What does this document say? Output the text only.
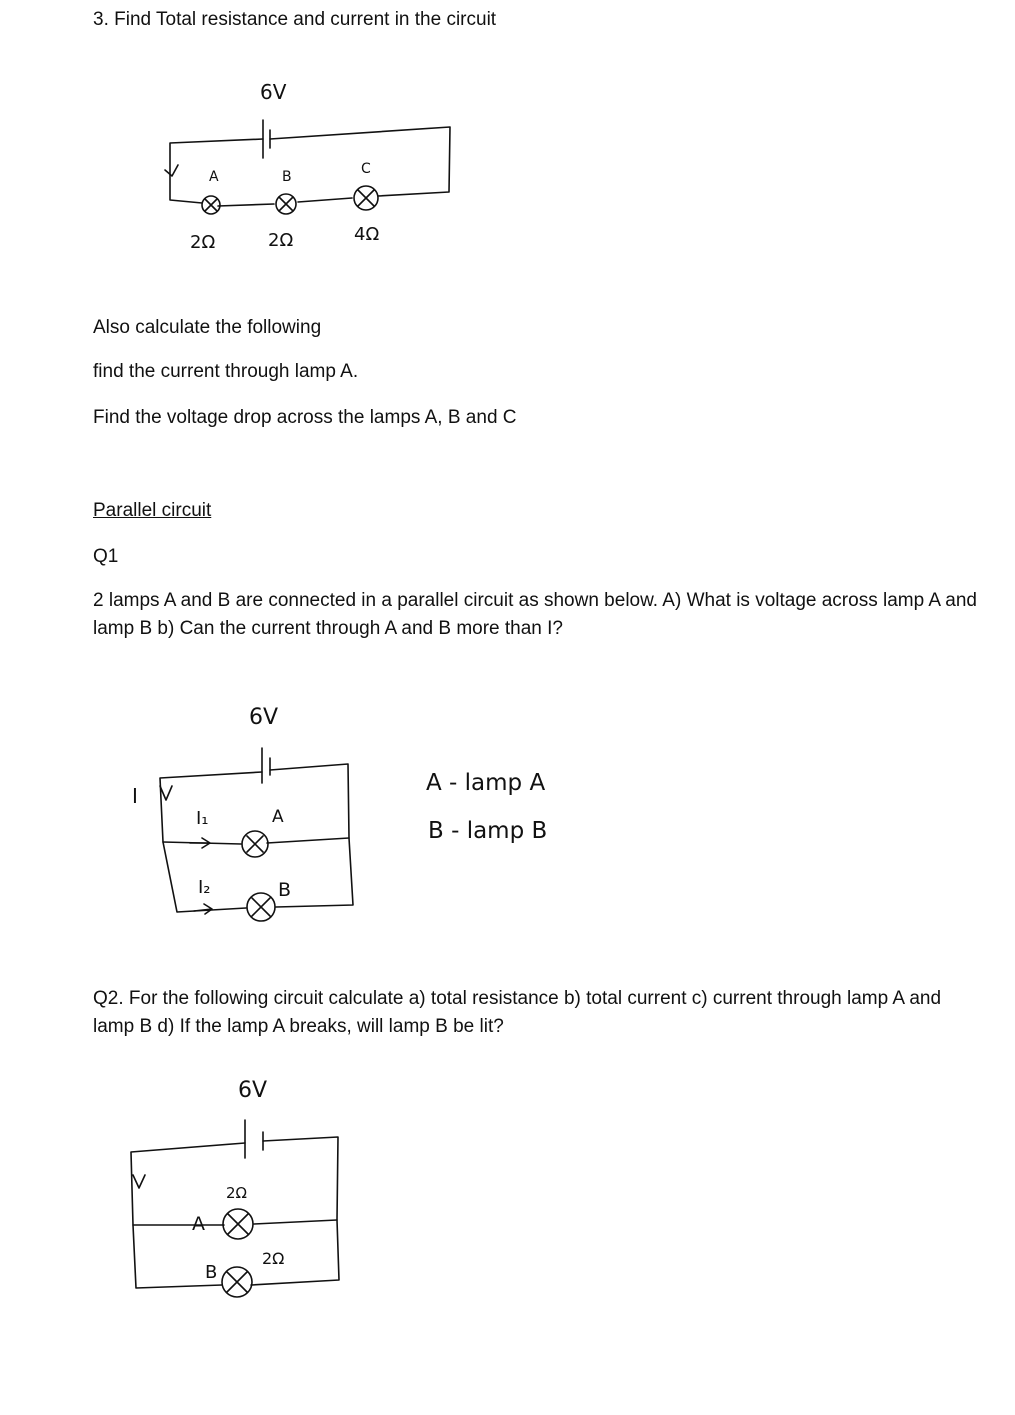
3. Find Total resistance and current in the circuit
Also calculate the following
find the current through lamp A.
Find the voltage drop across the lamps A, B and C
Parallel circuit
Q1
2 lamps A and B are connected in a parallel circuit as shown below. A) What is voltage across lamp A and lamp B b) Can the current through A and B more than I?
Q2. For the following circuit calculate a) total resistance b) total current c) current through lamp A and lamp B d) If the lamp A breaks, will lamp B be lit?
6V
A	B	C
2Ω	2Ω	4Ω
6V
I
I₁
I₂
A
B
A - lamp A
B - lamp B
6V
2Ω
2Ω
A
B
